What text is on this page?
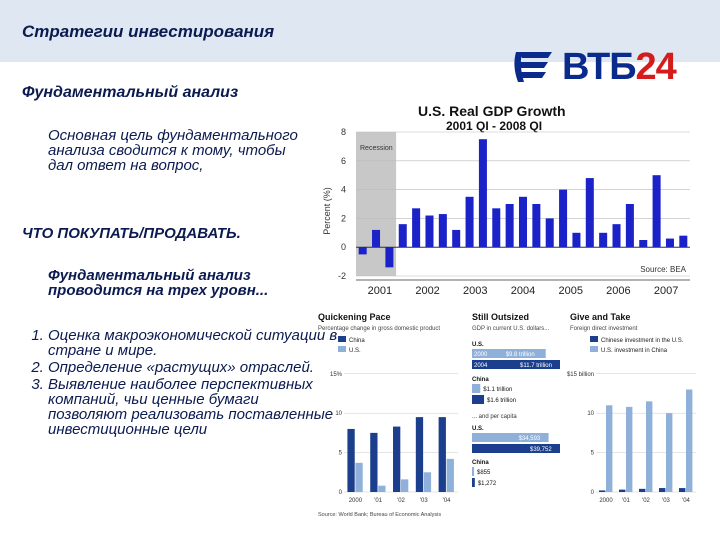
Стратегии инвестирования
ВТБ24
Фундаментальный анализ
Основная цель фундаментального анализа сводится к тому, чтобы дал ответ на вопрос,
ЧТО ПОКУПАТЬ/ПРОДАВАТЬ.
Фундаментальный анализ проводится на трех уровн...
1. Оценка макроэкономической ситуации в стране и мире.
2. Определение «растущих» отраслей.
3. Выявление наиболее перспективных компаний, чьи ценные бумаги позволяют реализовать поставленные инвестиционные цели
U.S. Real GDP Growth
2001 QI - 2008 QI
Recession
8
6
4
2
0
-2
Percent (%)
Source: BEA
2001 2002 2003 2004 2005 2006 2007
Quickening Pace
Percentage change in gross domestic product
China
U.S.
15%
10
5
0
2000 '01 '02 '03 '04
Give and Take
Foreign direct investment
Chinese investment in the U.S.
U.S. investment in China
$15 billion
10
5
0
2000 '01 '02 '03 '04
Still Outsized
GDP in current U.S. dollars...
U.S.
2000	$9.8 trillion
2004	$11.7 trillion
China
$1.1 trillion
$1.6 trillion
... and per capita
U.S.
$34,593
$39,752
China
$855
$1,272
Source: World Bank; Bureau of Economic Analysis
